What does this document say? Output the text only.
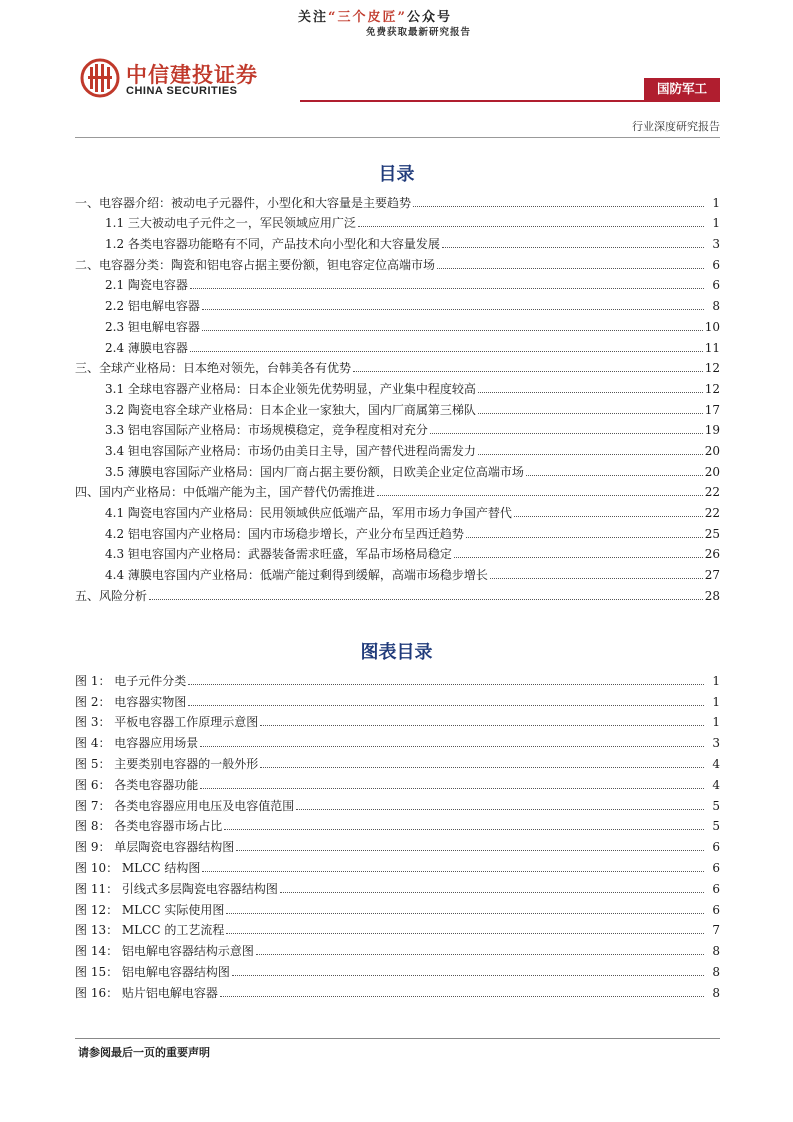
关注“三个皮匠”公众号
免费获取最新研究报告
中信建投证券
CHINA SECURITIES	国防军工
行业深度研究报告
目录
一、电容器介绍：被动电子元器件，小型化和大容量是主要趋势	1
1.1 三大被动电子元件之一，军民领域应用广泛	1
1.2 各类电容器功能略有不同，产品技术向小型化和大容量发展	3
二、电容器分类：陶瓷和铝电容占据主要份额，钽电容定位高端市场	6
2.1 陶瓷电容器	6
2.2 铝电解电容器	8
2.3 钽电解电容器	10
2.4 薄膜电容器	11
三、全球产业格局：日本绝对领先，台韩美各有优势	12
3.1 全球电容器产业格局：日本企业领先优势明显，产业集中程度较高	12
3.2 陶瓷电容全球产业格局：日本企业一家独大，国内厂商属第三梯队	17
3.3 铝电容国际产业格局：市场规模稳定，竞争程度相对充分	19
3.4 钽电容国际产业格局：市场仍由美日主导，国产替代进程尚需发力	20
3.5 薄膜电容国际产业格局：国内厂商占据主要份额，日欧美企业定位高端市场	20
四、国内产业格局：中低端产能为主，国产替代仍需推进	22
4.1 陶瓷电容国内产业格局：民用领域供应低端产品，军用市场力争国产替代	22
4.2 铝电容国内产业格局：国内市场稳步增长，产业分布呈西迁趋势	25
4.3 钽电容国内产业格局：武器装备需求旺盛，军品市场格局稳定	26
4.4 薄膜电容国内产业格局：低端产能过剩得到缓解，高端市场稳步增长	27
五、风险分析	28
图表目录
图 1： 电子元件分类	1
图 2： 电容器实物图	1
图 3： 平板电容器工作原理示意图	1
图 4： 电容器应用场景	3
图 5： 主要类别电容器的一般外形	4
图 6： 各类电容器功能	4
图 7： 各类电容器应用电压及电容值范围	5
图 8： 各类电容器市场占比	5
图 9： 单层陶瓷电容器结构图	6
图 10： MLCC 结构图	6
图 11： 引线式多层陶瓷电容器结构图	6
图 12： MLCC 实际使用图	6
图 13： MLCC 的工艺流程	7
图 14： 铝电解电容器结构示意图	8
图 15： 铝电解电容器结构图	8
图 16： 贴片铝电解电容器	8
请参阅最后一页的重要声明
